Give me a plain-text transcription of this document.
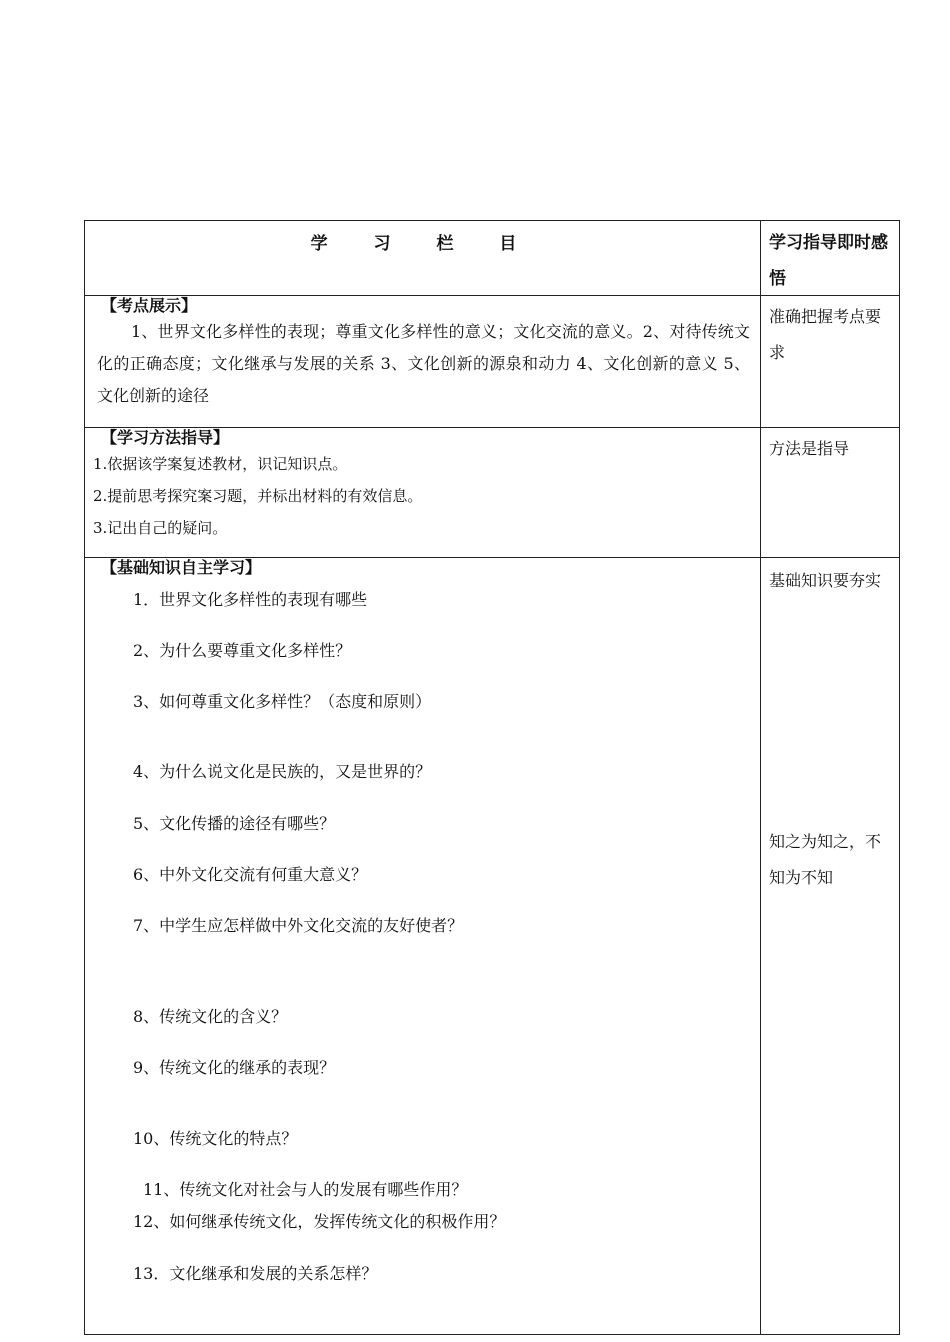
学 习 栏 目	学习指导即时感悟
【考点展示】

1、世界文化多样性的表现；尊重文化多样性的意义；文化交流的意义。2、对待传统文化的正确态度；文化继承与发展的关系 3、文化创新的源泉和动力 4、文化创新的意义 5、文化创新的途径

准确把握考点要求
【学习方法指导】

1.依据该学案复述教材，识记知识点。

2.提前思考探究案习题，并标出材料的有效信息。

3.记出自己的疑问。

方法是指导
【基础知识自主学习】
1．世界文化多样性的表现有哪些
2、为什么要尊重文化多样性？
3、如何尊重文化多样性？（态度和原则）
4、为什么说文化是民族的，又是世界的？
5、文化传播的途径有哪些？
6、中外文化交流有何重大意义？
7、中学生应怎样做中外文化交流的友好使者？
8、传统文化的含义？
9、传统文化的继承的表现？
10、传统文化的特点？
11、传统文化对社会与人的发展有哪些作用？
12、如何继承传统文化，发挥传统文化的积极作用？
13．文化继承和发展的关系怎样？
基础知识要夯实
知之为知之，不知为不知
